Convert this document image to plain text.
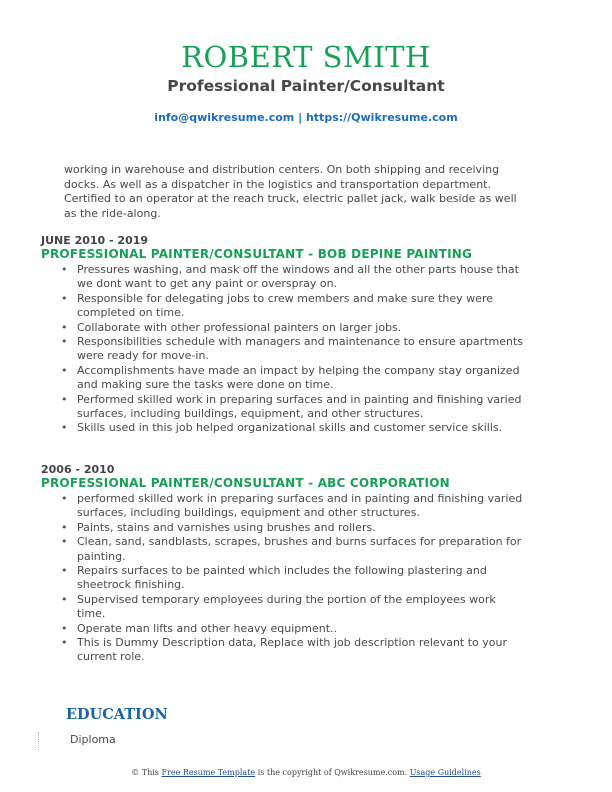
ROBERT SMITH
Professional Painter/Consultant
info@qwikresume.com | https://Qwikresume.com
working in warehouse and distribution centers. On both shipping and receiving docks. As well as a dispatcher in the logistics and transportation department. Certified to an operator at the reach truck, electric pallet jack, walk beside as well as the ride-along.
JUNE 2010 - 2019
PROFESSIONAL PAINTER/CONSULTANT - BOB DEPINE PAINTING
• Pressures washing, and mask off the windows and all the other parts house that we dont want to get any paint or overspray on.
• Responsible for delegating jobs to crew members and make sure they were completed on time.
• Collaborate with other professional painters on larger jobs.
• Responsibilities schedule with managers and maintenance to ensure apartments were ready for move-in.
• Accomplishments have made an impact by helping the company stay organized and making sure the tasks were done on time.
• Performed skilled work in preparing surfaces and in painting and finishing varied surfaces, including buildings, equipment, and other structures.
• Skills used in this job helped organizational skills and customer service skills.
2006 - 2010
PROFESSIONAL PAINTER/CONSULTANT - ABC CORPORATION
• performed skilled work in preparing surfaces and in painting and finishing varied surfaces, including buildings, equipment and other structures.
• Paints, stains and varnishes using brushes and rollers.
• Clean, sand, sandblasts, scrapes, brushes and burns surfaces for preparation for painting.
• Repairs surfaces to be painted which includes the following plastering and sheetrock finishing.
• Supervised temporary employees during the portion of the employees work time.
• Operate man lifts and other heavy equipment..
• This is Dummy Description data, Replace with job description relevant to your current role.
EDUCATION
Diploma
© This Free Resume Template is the copyright of Qwikresume.com. Usage Guidelines
